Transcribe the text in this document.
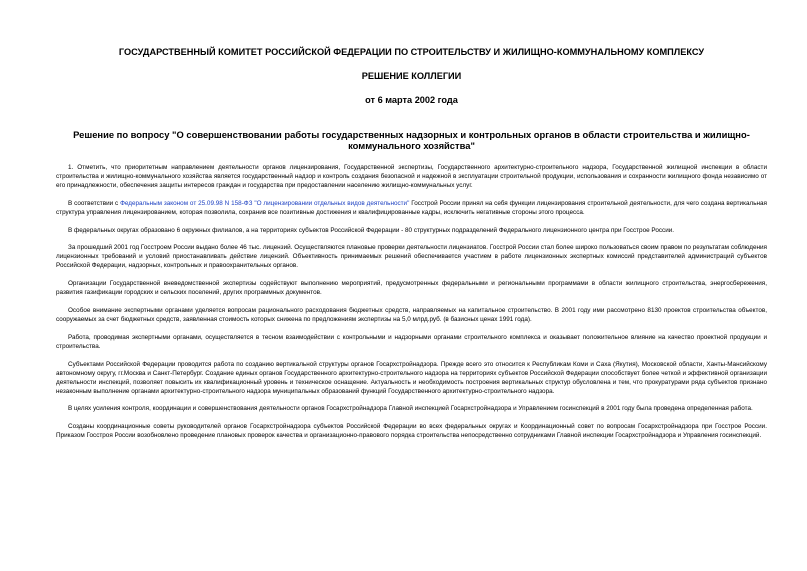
ГОСУДАРСТВЕННЫЙ КОМИТЕТ РОССИЙСКОЙ ФЕДЕРАЦИИ ПО СТРОИТЕЛЬСТВУ И ЖИЛИЩНО-КОММУНАЛЬНОМУ КОМПЛЕКСУ
РЕШЕНИЕ КОЛЛЕГИИ
от 6 марта 2002 года
Решение по вопросу "О совершенствовании работы государственных надзорных и контрольных органов в области строительства и жилищно-коммунального хозяйства"

1. Отметить, что приоритетным направлением деятельности органов лицензирования, Государственной экспертизы, Государственного архитектурно-строительного надзора, Государственной жилищной инспекции в области строительства и жилищно-коммунального хозяйства является государственный надзор и контроль создания безопасной и надежной в эксплуатации строительной продукции, использования и сохранности жилищного фонда независимо от его принадлежности, обеспечения защиты интересов граждан и государства при предоставлении населению жилищно-коммунальных услуг.

В соответствии с Федеральным законом от 25.09.98 N 158-ФЗ "О лицензировании отдельных видов деятельности" Госстрой России принял на себя функции лицензирования строительной деятельности, для чего создана вертикальная структура управления лицензированием, которая позволила, сохранив все позитивные достижения и квалифицированные кадры, исключить негативные стороны этого процесса.

В федеральных округах образовано 6 окружных филиалов, а на территориях субъектов Российской Федерации - 80 структурных подразделений Федерального лицензионного центра при Госстрое России.

За прошедший 2001 год Госстроем России выдано более 46 тыс. лицензий. Осуществляются плановые проверки деятельности лицензиатов. Госстрой России стал более широко пользоваться своим правом по результатам соблюдения лицензионных требований и условий приостанавливать действие лицензий. Объективность принимаемых решений обеспечивается участием в работе лицензионных экспертных комиссий представителей администраций субъектов Российской Федерации, надзорных, контрольных и правоохранительных органов.

Организации Государственной вневедомственной экспертизы содействуют выполнению мероприятий, предусмотренных федеральными и региональными программами в области жилищного строительства, энергосбережения, развития газификации городских и сельских поселений, других программных документов.

Особое внимание экспертными органами уделяется вопросам рационального расходования бюджетных средств, направляемых на капитальное строительство. В 2001 году ими рассмотрено 8130 проектов строительства объектов, сооружаемых за счет бюджетных средств, заявленная стоимость которых снижена по предложениям экспертизы на 5,0 млрд.руб. (в базисных ценах 1991 года).

Работа, проводимая экспертными органами, осуществляется в тесном взаимодействии с контрольными и надзорными органами строительного комплекса и оказывает положительное влияние на качество проектной продукции и строительства.

Субъектами Российской Федерации проводится работа по созданию вертикальной структуры органов Госархстройнадзора. Прежде всего это относится к Республикам Коми и Саха (Якутия), Московской области, Ханты-Мансийскому автономному округу, гг.Москва и Санкт-Петербург. Создание единых органов Государственного архитектурно-строительного надзора на территориях субъектов Российской Федерации способствует более четкой и эффективной организации деятельности инспекций, позволяет повысить их квалификационный уровень и техническое оснащение. Актуальность и необходимость построения вертикальных структур обусловлена и тем, что прокуратурами ряда субъектов признано незаконным выполнение органами архитектурно-строительного надзора муниципальных образований функций Государственного архитектурно-строительного надзора.

В целях усиления контроля, координации и совершенствования деятельности органов Госархстройнадзора Главной инспекцией Госархстройнадзора и Управлением госинспекций в 2001 году была проведена определенная работа.

Созданы координационные советы руководителей органов Госархстройнадзора субъектов Российской Федерации во всех федеральных округах и Координационный совет по вопросам Госархстройнадзора при Госстрое России. Приказом Госстроя России возобновлено проведение плановых проверок качества и организационно-правового порядка строительства непосредственно сотрудниками Главной инспекции Госархстройнадзора и Управления госинспекций.
